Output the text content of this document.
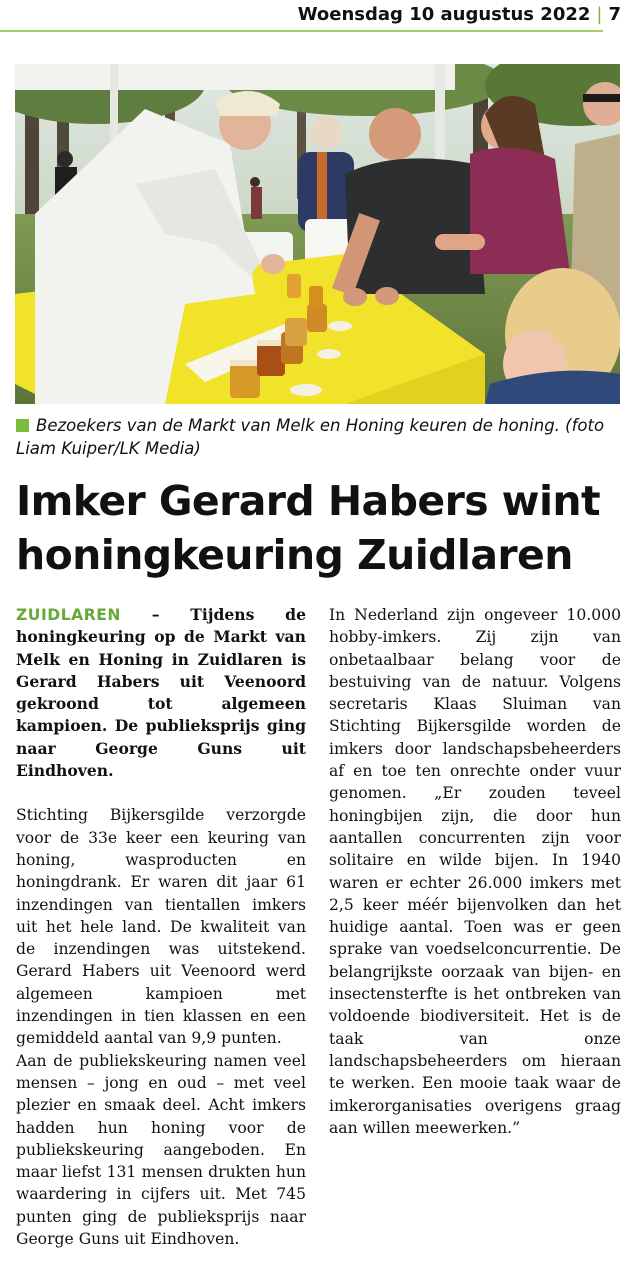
Woensdag 10 augustus 2022 | 7
Bezoekers van de Markt van Melk en Honing keuren de honing. (foto Liam Kuiper/LK Media)
Imker Gerard Habers wint
honingkeuring Zuidlaren

ZUIDLAREN – Tijdens de honingkeuring op de Markt van Melk en Honing in Zuidlaren is Gerard Habers uit Veenoord gekroond tot algemeen kampioen. De publieksprijs ging naar George Guns uit Eindhoven.

Stichting Bijkersgilde verzorgde voor de 33e keer een keuring van honing, wasproducten en honingdrank. Er waren dit jaar 61 inzendingen van tientallen imkers uit het hele land. De kwaliteit van de inzendingen was uitstekend. Gerard Habers uit Veenoord werd algemeen kampioen met inzendingen in tien klassen en een gemiddeld aantal van 9,9 punten.

Aan de publiekskeuring namen veel mensen – jong en oud – met veel plezier en smaak deel. Acht imkers hadden hun honing voor de publiekskeuring aangeboden. En maar liefst 131 mensen drukten hun waardering in cijfers uit. Met 745 punten ging de publieksprijs naar George Guns uit Eindhoven.

In Nederland zijn ongeveer 10.000 hobby-imkers. Zij zijn van onbetaalbaar belang voor de bestuiving van de natuur. Volgens secretaris Klaas Sluiman van Stichting Bijkersgilde worden de imkers door landschapsbeheerders af en toe ten onrechte onder vuur genomen. „Er zouden teveel honingbijen zijn, die door hun aantallen concurrenten zijn voor solitaire en wilde bijen. In 1940 waren er echter 26.000 imkers met 2,5 keer méér bijenvolken dan het huidige aantal. Toen was er geen sprake van voedselconcurrentie. De belangrijkste oorzaak van bijen- en insectensterfte is het ontbreken van voldoende biodiversiteit. Het is de taak van onze landschapsbeheerders om hieraan te werken. Een mooie taak waar de imkerorganisaties overigens graag aan willen meewerken.”
